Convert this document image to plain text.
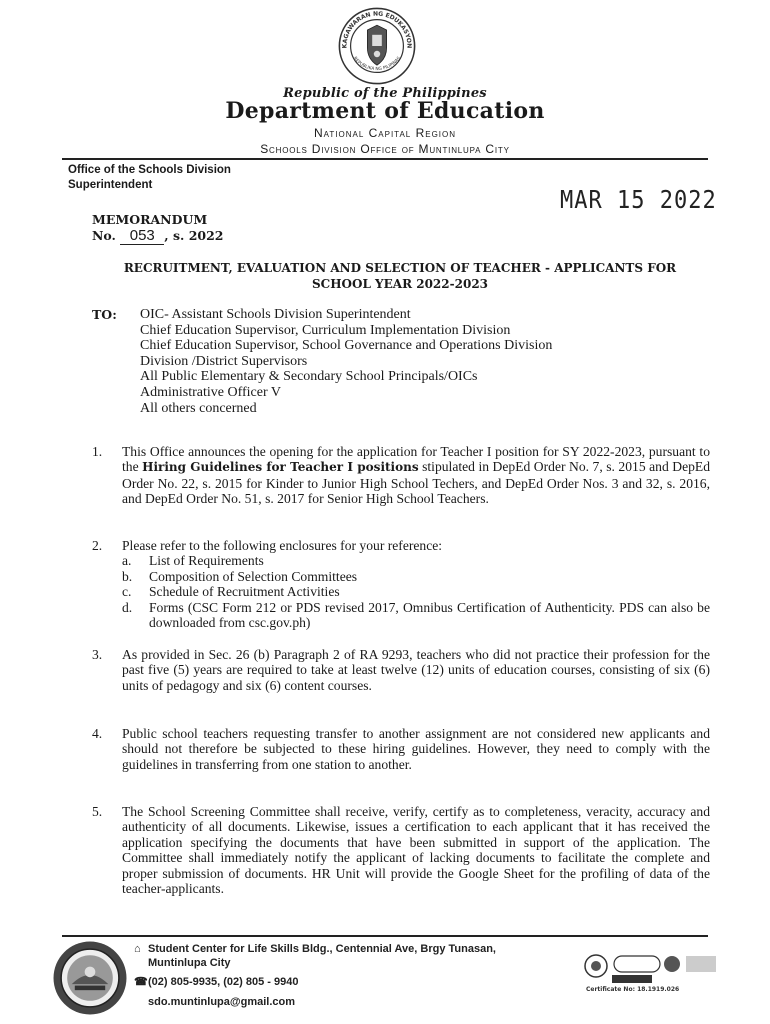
KAGAWARAN NG EDUKASYON
REPUBLIKA NG PILIPINAS
Republic of the Philippines
Department of Education
National Capital Region
Schools Division Office of Muntinlupa City
Office of the Schools Division
Superintendent
MAR 15 2022
MEMORANDUM
No. 053 , s. 2022
RECRUITMENT, EVALUATION AND SELECTION OF TEACHER - APPLICANTS FOR
SCHOOL YEAR 2022-2023
TO: OIC- Assistant Schools Division Superintendent
Chief Education Supervisor, Curriculum Implementation Division
Chief Education Supervisor, School Governance and Operations Division
Division /District Supervisors
All Public Elementary & Secondary School Principals/OICs
Administrative Officer V
All others concerned
1. This Office announces the opening for the application for Teacher I position for SY 2022-2023, pursuant to the Hiring Guidelines for Teacher I positions stipulated in DepEd Order No. 7, s. 2015 and DepEd Order No. 22, s. 2015 for Kinder to Junior High School Techers, and DepEd Order Nos. 3 and 32, s. 2016, and DepEd Order No. 51, s. 2017 for Senior High School Teachers.
2. Please refer to the following enclosures for your reference:
a.	List of Requirements
b.	Composition of Selection Committees
c.	Schedule of Recruitment Activities
d.	Forms (CSC Form 212 or PDS revised 2017, Omnibus Certification of Authenticity. PDS can also be downloaded from csc.gov.ph)
3. As provided in Sec. 26 (b) Paragraph 2 of RA 9293, teachers who did not practice their profession for the past five (5) years are required to take at least twelve (12) units of education courses, consisting of six (6) units of pedagogy and six (6) content courses.
4. Public school teachers requesting transfer to another assignment are not considered new applicants and should not therefore be subjected to these hiring guidelines. However, they need to comply with the guidelines in transferring from one station to another.
5. The School Screening Committee shall receive, verify, certify as to completeness, veracity, accuracy and authenticity of all documents. Likewise, issues a certification to each applicant that it has received the application specifying the documents that have been submitted in support of the application. The Committee shall immediately notify the applicant of lacking documents to facilitate the complete and proper submission of documents. HR Unit will provide the Google Sheet for the profiling of data of the teacher-applicants.
⌂ Student Center for Life Skills Bldg., Centennial Ave, Brgy Tunasan,
Muntinlupa City
☎(02) 805-9935, (02) 805 - 9940
sdo.muntinlupa@gmail.com
Certificate No: 18.1919.026
